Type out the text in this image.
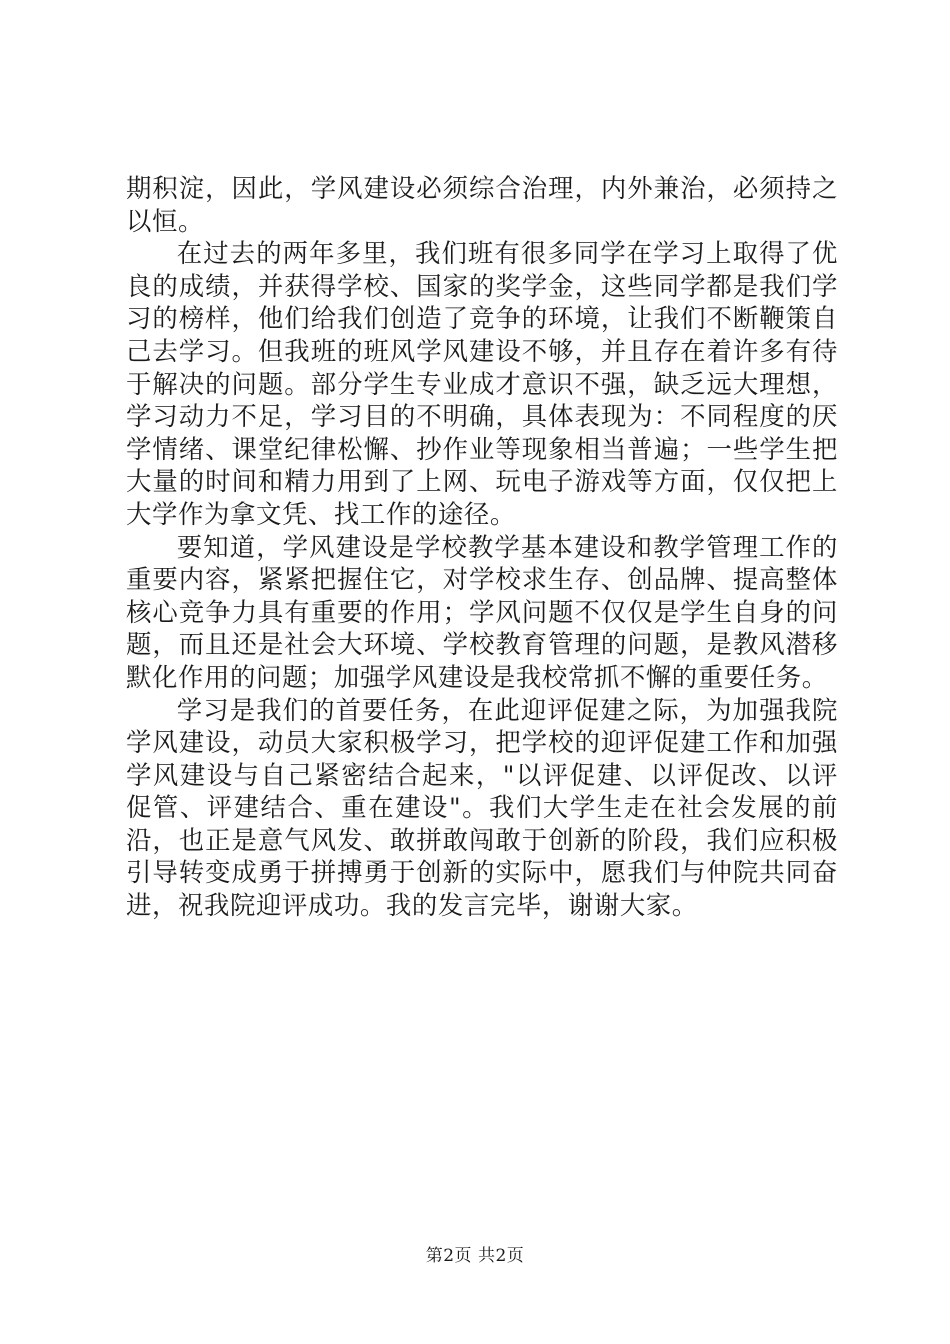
期积淀，因此，学风建设必须综合治理，内外兼治，必须持之以恒。

在过去的两年多里，我们班有很多同学在学习上取得了优良的成绩，并获得学校、国家的奖学金，这些同学都是我们学习的榜样，他们给我们创造了竞争的环境，让我们不断鞭策自己去学习。但我班的班风学风建设不够，并且存在着许多有待于解决的问题。部分学生专业成才意识不强，缺乏远大理想，学习动力不足，学习目的不明确，具体表现为：不同程度的厌学情绪、课堂纪律松懈、抄作业等现象相当普遍；一些学生把大量的时间和精力用到了上网、玩电子游戏等方面，仅仅把上大学作为拿文凭、找工作的途径。

要知道，学风建设是学校教学基本建设和教学管理工作的重要内容，紧紧把握住它，对学校求生存、创品牌、提高整体核心竞争力具有重要的作用；学风问题不仅仅是学生自身的问题，而且还是社会大环境、学校教育管理的问题，是教风潜移默化作用的问题；加强学风建设是我校常抓不懈的重要任务。

学习是我们的首要任务，在此迎评促建之际，为加强我院学风建设，动员大家积极学习，把学校的迎评促建工作和加强学风建设与自己紧密结合起来，"以评促建、以评促改、以评促管、评建结合、重在建设"。我们大学生走在社会发展的前沿，也正是意气风发、敢拼敢闯敢于创新的阶段，我们应积极引导转变成勇于拼搏勇于创新的实际中，愿我们与仲院共同奋进，祝我院迎评成功。我的发言完毕，谢谢大家。

第2页 共2页
